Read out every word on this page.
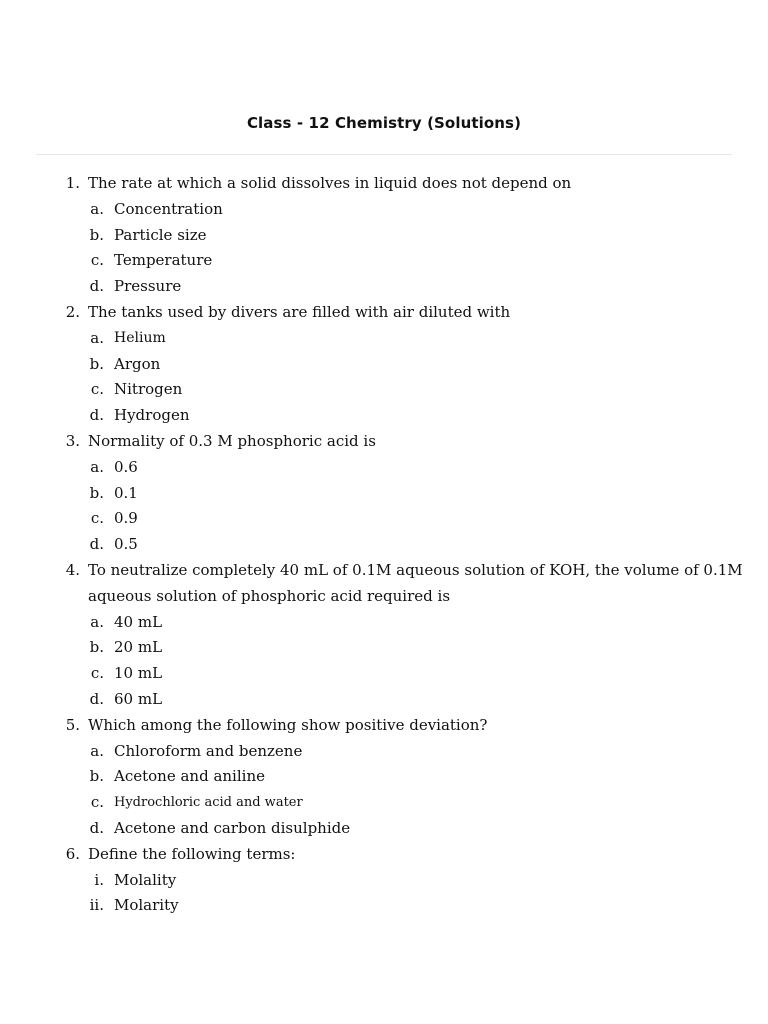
Class - 12 Chemistry (Solutions)
1. The rate at which a solid dissolves in liquid does not depend on
a. Concentration
b. Particle size
c. Temperature
d. Pressure
2. The tanks used by divers are filled with air diluted with
a. Helium
b. Argon
c. Nitrogen
d. Hydrogen
3. Normality of 0.3 M phosphoric acid is
a. 0.6
b. 0.1
c. 0.9
d. 0.5
4. To neutralize completely 40 mL of 0.1M aqueous solution of KOH, the volume of 0.1M
aqueous solution of phosphoric acid required is
a. 40 mL
b. 20 mL
c. 10 mL
d. 60 mL
5. Which among the following show positive deviation?
a. Chloroform and benzene
b. Acetone and aniline
c. Hydrochloric acid and water
d. Acetone and carbon disulphide
6. Define the following terms:
i. Molality
ii. Molarity
